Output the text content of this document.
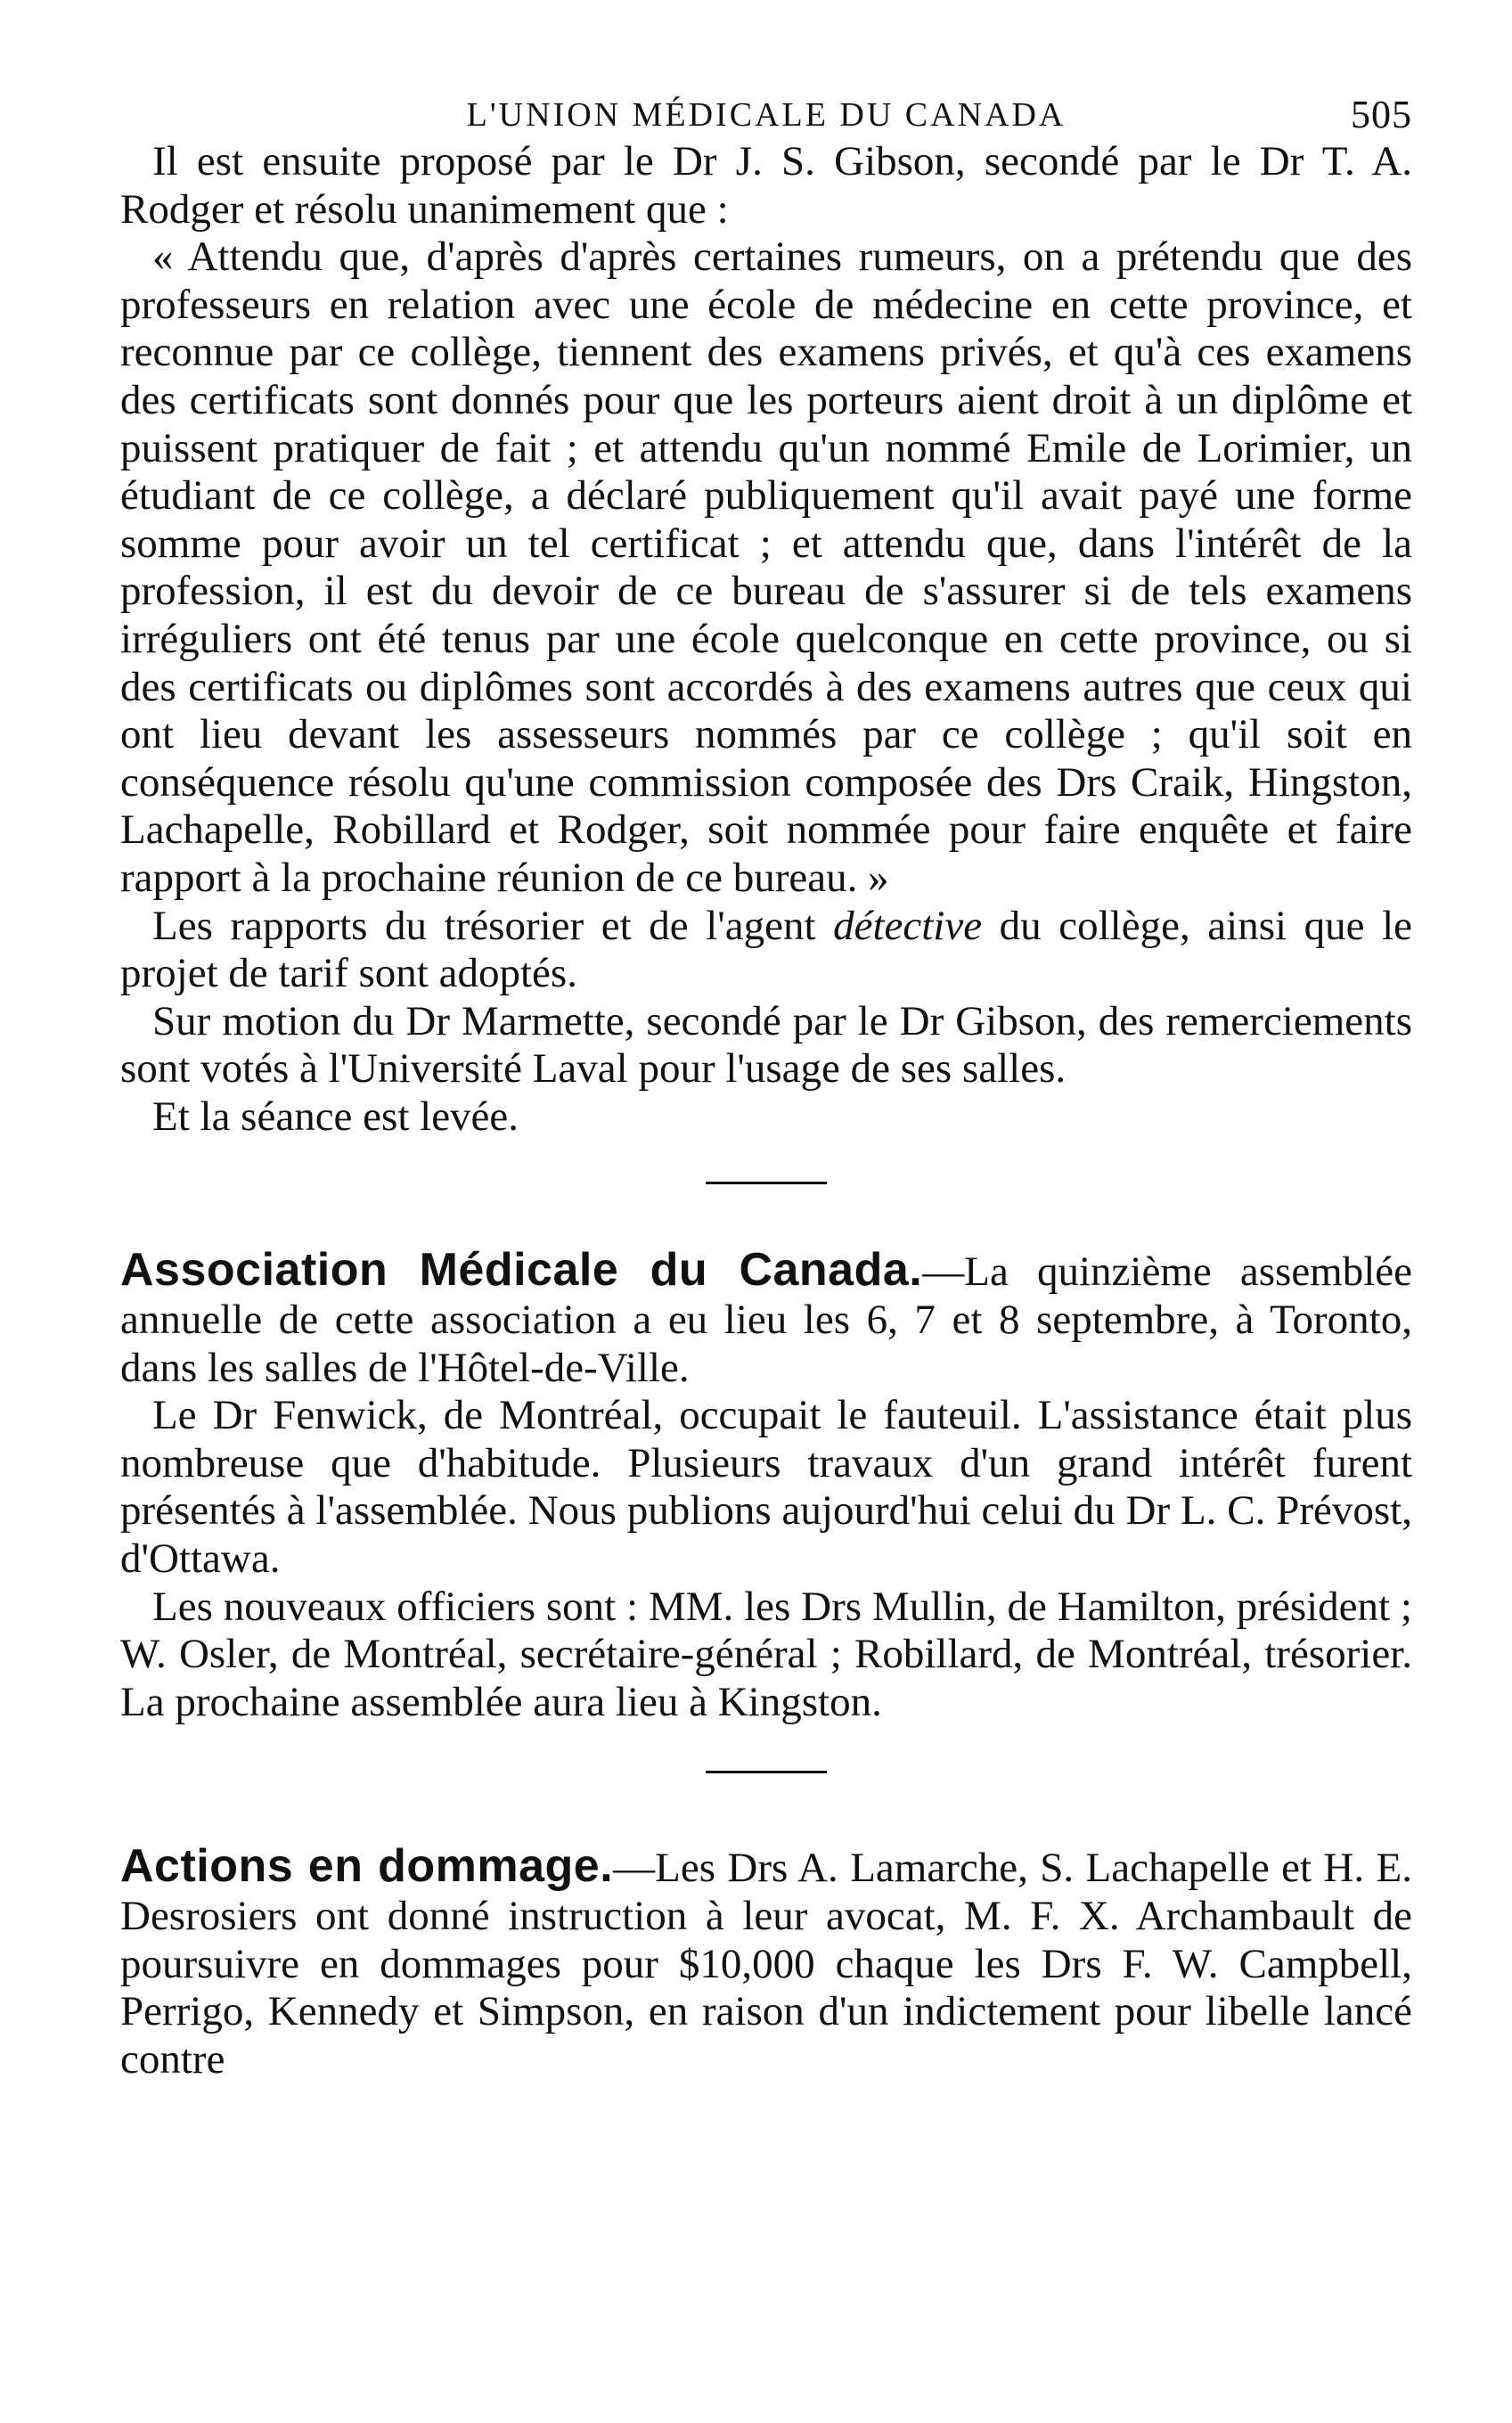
L'UNION MÉDICALE DU CANADA	505

Il est ensuite proposé par le Dr J. S. Gibson, secondé par le Dr T. A. Rodger et résolu unanimement que :

« Attendu que, d'après d'après certaines rumeurs, on a prétendu que des professeurs en relation avec une école de médecine en cette province, et reconnue par ce collège, tiennent des examens privés, et qu'à ces examens des certificats sont donnés pour que les porteurs aient droit à un diplôme et puissent pratiquer de fait ; et attendu qu'un nommé Emile de Lorimier, un étudiant de ce collège, a déclaré publiquement qu'il avait payé une forme somme pour avoir un tel certificat ; et attendu que, dans l'intérêt de la profession, il est du devoir de ce bureau de s'assurer si de tels examens irréguliers ont été tenus par une école quelconque en cette province, ou si des certificats ou diplômes sont accordés à des examens autres que ceux qui ont lieu devant les assesseurs nommés par ce collège ; qu'il soit en conséquence résolu qu'une commission composée des Drs Craik, Hingston, Lachapelle, Robillard et Rodger, soit nommée pour faire enquête et faire rapport à la prochaine réunion de ce bureau. »

Les rapports du trésorier et de l'agent détective du collège, ainsi que le projet de tarif sont adoptés.

Sur motion du Dr Marmette, secondé par le Dr Gibson, des remerciements sont votés à l'Université Laval pour l'usage de ses salles.

Et la séance est levée.

Association Médicale du Canada.—La quinzième assemblée annuelle de cette association a eu lieu les 6, 7 et 8 septembre, à Toronto, dans les salles de l'Hôtel-de-Ville.

Le Dr Fenwick, de Montréal, occupait le fauteuil. L'assistance était plus nombreuse que d'habitude. Plusieurs travaux d'un grand intérêt furent présentés à l'assemblée. Nous publions aujourd'hui celui du Dr L. C. Prévost, d'Ottawa.

Les nouveaux officiers sont : MM. les Drs Mullin, de Hamilton, président ; W. Osler, de Montréal, secrétaire-général ; Robillard, de Montréal, trésorier. La prochaine assemblée aura lieu à Kingston.

Actions en dommage.—Les Drs A. Lamarche, S. Lachapelle et H. E. Desrosiers ont donné instruction à leur avocat, M. F. X. Archambault de poursuivre en dommages pour $10,000 chaque les Drs F. W. Campbell, Perrigo, Kennedy et Simpson, en raison d'un indictement pour libelle lancé contre
